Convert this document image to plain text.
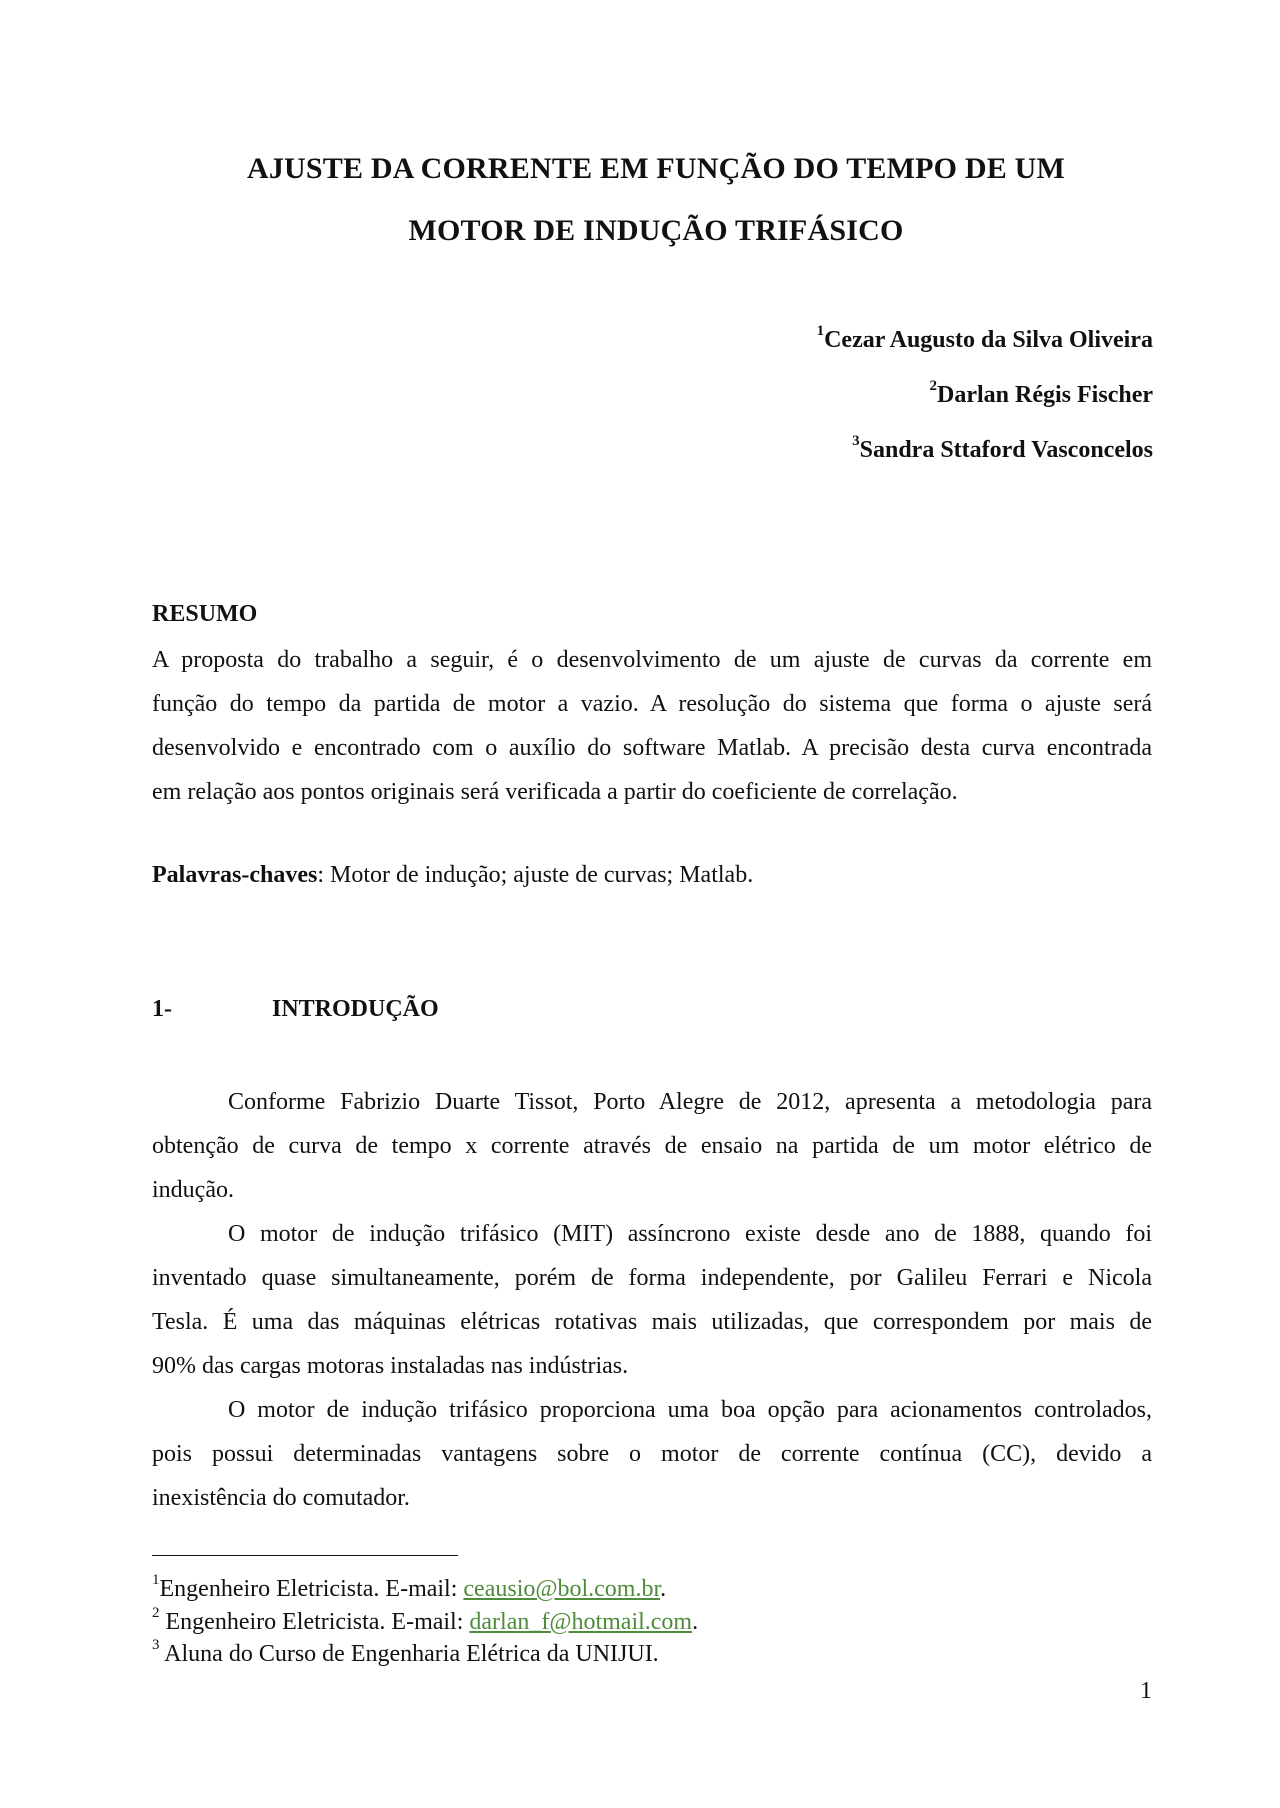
AJUSTE DA CORRENTE EM FUNÇÃO DO TEMPO DE UM
MOTOR DE INDUÇÃO TRIFÁSICO
$^1$Cezar Augusto da Silva Oliveira
$^2$Darlan Régis Fischer
$^3$Sandra Sttaford Vasconcelos
RESUMO
A proposta do trabalho a seguir, é o desenvolvimento de um ajuste de curvas da corrente em
função do tempo da partida de motor a vazio. A resolução do sistema que forma o ajuste será
desenvolvido e encontrado com o auxílio do software Matlab. A precisão desta curva encontrada
em relação aos pontos originais será verificada a partir do coeficiente de correlação.
Palavras-chaves: Motor de indução; ajuste de curvas; Matlab.
1-	INTRODUÇÃO
Conforme Fabrizio Duarte Tissot, Porto Alegre de 2012, apresenta a metodologia para
obtenção de curva de tempo x corrente através de ensaio na partida de um motor elétrico de
indução.
O motor de indução trifásico (MIT) assíncrono existe desde ano de 1888, quando foi
inventado quase simultaneamente, porém de forma independente, por Galileu Ferrari e Nicola
Tesla. É uma das máquinas elétricas rotativas mais utilizadas, que correspondem por mais de
90% das cargas motoras instaladas nas indústrias.
O motor de indução trifásico proporciona uma boa opção para acionamentos controlados,
pois possui determinadas vantagens sobre o motor de corrente contínua (CC), devido a
inexistência do comutador.
$^1$Engenheiro Eletricista. E-mail: ceausio@bol.com.br.
$^2$ Engenheiro Eletricista. E-mail: darlan_f@hotmail.com.
$^3$ Aluna do Curso de Engenharia Elétrica da UNIJUI.
1
